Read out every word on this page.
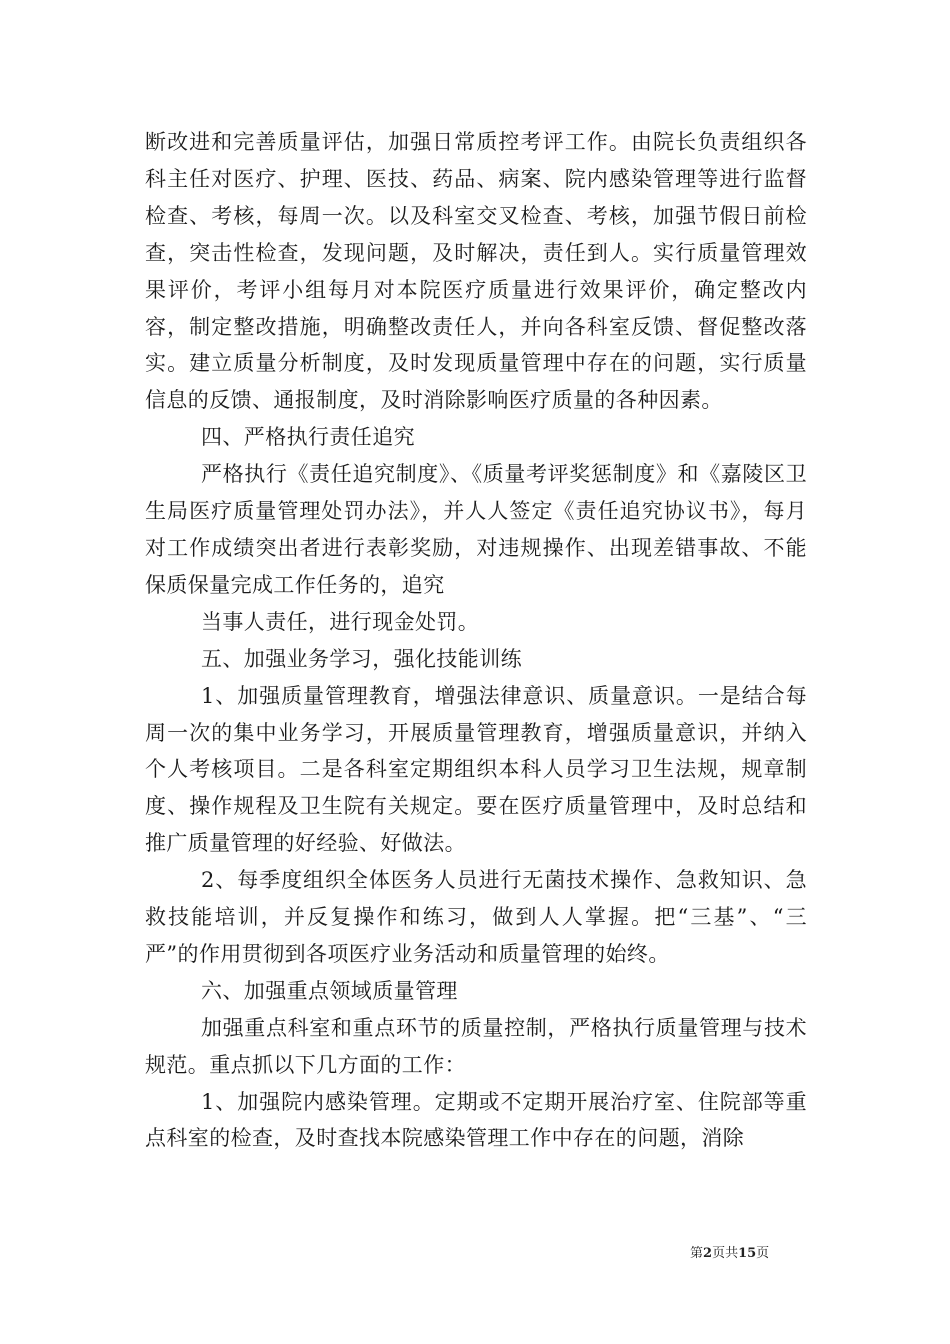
断改进和完善质量评估，加强日常质控考评工作。由院长负责组织各科主任对医疗、护理、医技、药品、病案、院内感染管理等进行监督检查、考核，每周一次。以及科室交叉检查、考核，加强节假日前检查，突击性检查，发现问题，及时解决，责任到人。实行质量管理效果评价，考评小组每月对本院医疗质量进行效果评价，确定整改内容，制定整改措施，明确整改责任人，并向各科室反馈、督促整改落实。建立质量分析制度，及时发现质量管理中存在的问题，实行质量信息的反馈、通报制度，及时消除影响医疗质量的各种因素。

四、严格执行责任追究

严格执行《责任追究制度》、《质量考评奖惩制度》和《嘉陵区卫生局医疗质量管理处罚办法》，并人人签定《责任追究协议书》，每月对工作成绩突出者进行表彰奖励，对违规操作、出现差错事故、不能保质保量完成工作任务的，追究

当事人责任，进行现金处罚。

五、加强业务学习，强化技能训练

1、加强质量管理教育，增强法律意识、质量意识。一是结合每周一次的集中业务学习，开展质量管理教育，增强质量意识，并纳入个人考核项目。二是各科室定期组织本科人员学习卫生法规，规章制度、操作规程及卫生院有关规定。要在医疗质量管理中，及时总结和推广质量管理的好经验、好做法。

2、每季度组织全体医务人员进行无菌技术操作、急救知识、急救技能培训，并反复操作和练习，做到人人掌握。把“三基”、“三严”的作用贯彻到各项医疗业务活动和质量管理的始终。

六、加强重点领域质量管理

加强重点科室和重点环节的质量控制，严格执行质量管理与技术规范。重点抓以下几方面的工作：

1、加强院内感染管理。定期或不定期开展治疗室、住院部等重点科室的检查，及时查找本院感染管理工作中存在的问题，消除

第2页共15页
